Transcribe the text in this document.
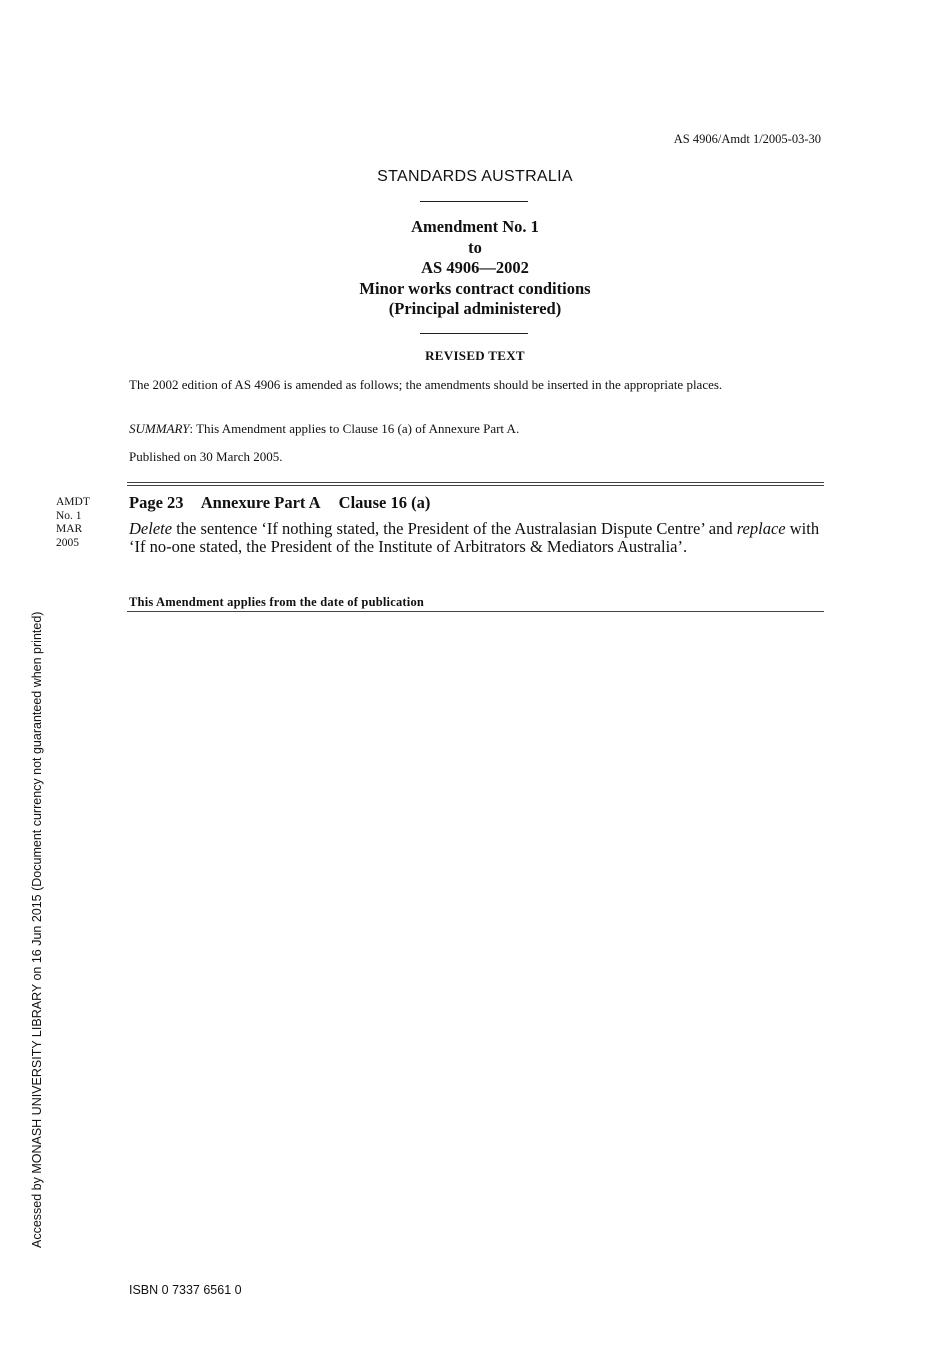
AS 4906/Amdt 1/2005-03-30
STANDARDS AUSTRALIA
Amendment No. 1
to
AS 4906—2002
Minor works contract conditions
(Principal administered)
REVISED TEXT
The 2002 edition of AS 4906 is amended as follows; the amendments should be inserted in the appropriate places.
SUMMARY: This Amendment applies to Clause 16 (a) of Annexure Part A.
Published on 30 March 2005.
AMDT
No. 1
MAR
2005
Page 23 Annexure Part A Clause 16 (a)
Delete the sentence ‘If nothing stated, the President of the Australasian Dispute Centre’ and replace with ‘If no-one stated, the President of the Institute of Arbitrators & Mediators Australia’.
This Amendment applies from the date of publication
Accessed by MONASH UNIVERSITY LIBRARY on 16 Jun 2015 (Document currency not guaranteed when printed)
ISBN 0 7337 6561 0
